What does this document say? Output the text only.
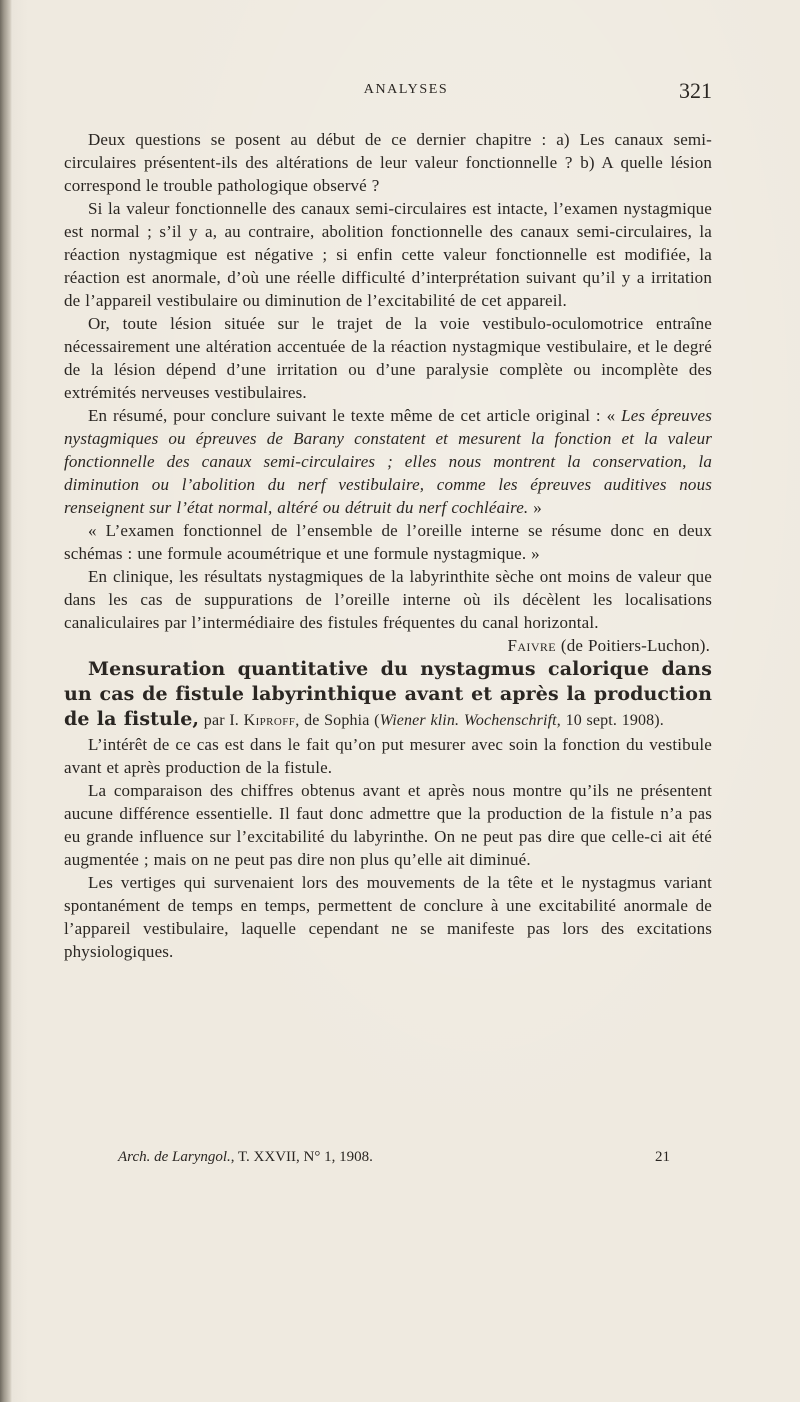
ANALYSES	321

Deux questions se posent au début de ce dernier chapitre : a) Les canaux semi-circulaires présentent-ils des altérations de leur valeur fonctionnelle ? b) A quelle lésion correspond le trouble pathologique observé ?

Si la valeur fonctionnelle des canaux semi-circulaires est intacte, l’examen nystagmique est normal ; s’il y a, au contraire, abolition fonctionnelle des canaux semi-circulaires, la réaction nystagmique est négative ; si enfin cette valeur fonctionnelle est modifiée, la réaction est anormale, d’où une réelle difficulté d’interprétation suivant qu’il y a irritation de l’appareil vestibulaire ou diminution de l’excitabilité de cet appareil.

Or, toute lésion située sur le trajet de la voie vestibulo-oculomotrice entraîne nécessairement une altération accentuée de la réaction nystagmique vestibulaire, et le degré de la lésion dépend d’une irritation ou d’une paralysie complète ou incomplète des extrémités nerveuses vestibulaires.

En résumé, pour conclure suivant le texte même de cet article original : « Les épreuves nystagmiques ou épreuves de Barany constatent et mesurent la fonction et la valeur fonctionnelle des canaux semi-circulaires ; elles nous montrent la conservation, la diminution ou l’abolition du nerf vestibulaire, comme les épreuves auditives nous renseignent sur l’état normal, altéré ou détruit du nerf cochléaire. »

« L’examen fonctionnel de l’ensemble de l’oreille interne se résume donc en deux schémas : une formule acoumétrique et une formule nystagmique. »

En clinique, les résultats nystagmiques de la labyrinthite sèche ont moins de valeur que dans les cas de suppurations de l’oreille interne où ils décèlent les localisations canaliculaires par l’intermédiaire des fistules fréquentes du canal horizontal.

Faivre (de Poitiers-Luchon).

Mensuration quantitative du nystagmus calorique dans un cas de fistule labyrinthique avant et après la production de la fistule, par I. Kiproff, de Sophia (Wiener klin. Wochenschrift, 10 sept. 1908).

L’intérêt de ce cas est dans le fait qu’on put mesurer avec soin la fonction du vestibule avant et après production de la fistule.

La comparaison des chiffres obtenus avant et après nous montre qu’ils ne présentent aucune différence essentielle. Il faut donc admettre que la production de la fistule n’a pas eu grande influence sur l’excitabilité du labyrinthe. On ne peut pas dire que celle-ci ait été augmentée ; mais on ne peut pas dire non plus qu’elle ait diminué.

Les vertiges qui survenaient lors des mouvements de la tête et le nystagmus variant spontanément de temps en temps, permettent de conclure à une excitabilité anormale de l’appareil vestibulaire, laquelle cependant ne se manifeste pas lors des excitations physiologiques.

Arch. de Laryngol., T. XXVII, N° 1, 1908.	21
